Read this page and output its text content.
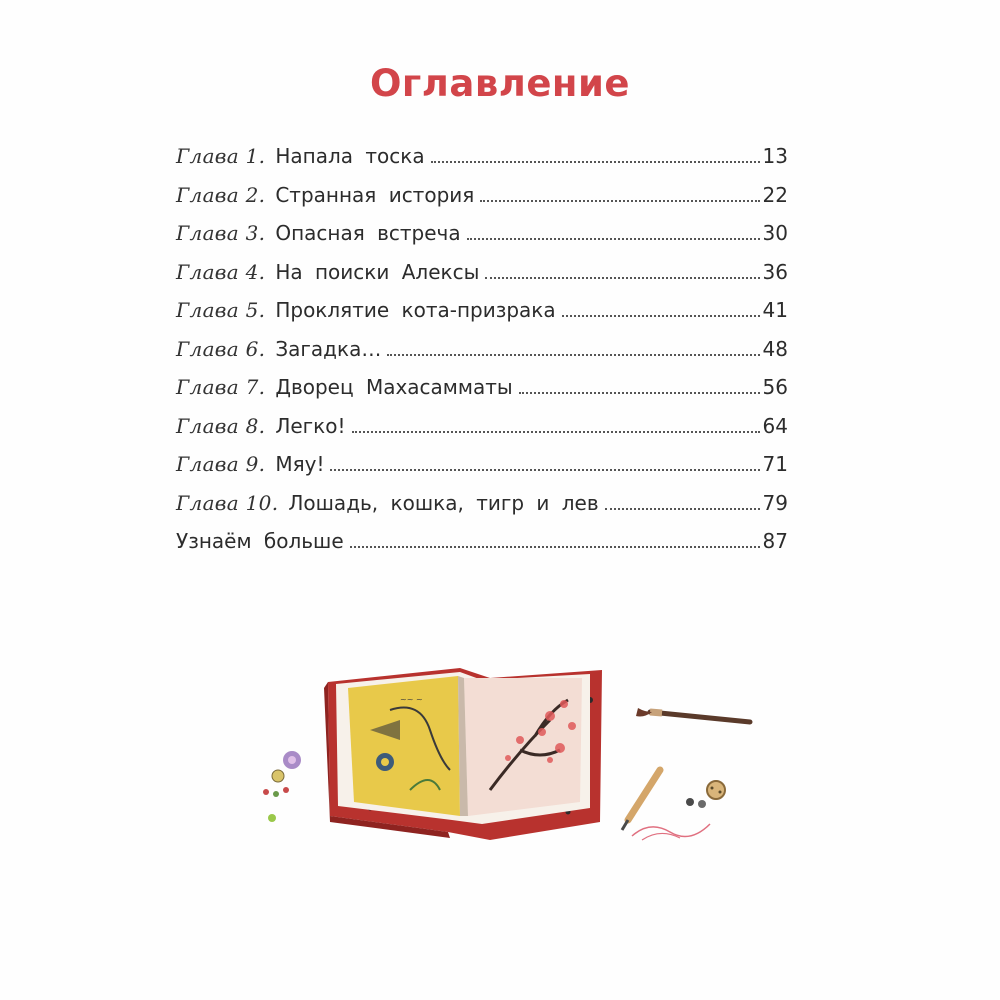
Оглавление
Глава 1. Напала тоска	13
Глава 2. Странная история	22
Глава 3. Опасная встреча	30
Глава 4. На поиски Алексы	36
Глава 5. Проклятие кота-призрака	41
Глава 6. Загадка…	48
Глава 7. Дворец Махасамматы	56
Глава 8. Легко!	64
Глава 9. Мяу!	71
Глава 10. Лошадь, кошка, тигр и лев	79
Узнаём больше	87
~~ ~
